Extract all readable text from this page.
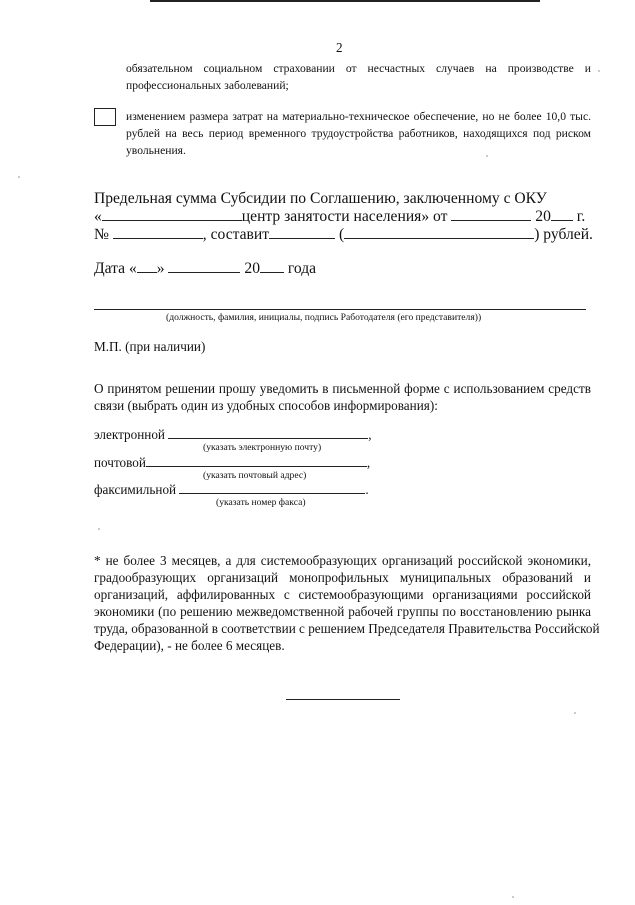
2
обязательном социальном страховании от несчастных случаев на производстве и
профессиональных заболеваний;
изменением размера затрат на материально-техническое обеспечение, но не более 10,0 тыс.
рублей на весь период временного трудоустройства работников, находящихся под риском
увольнения.
Предельная сумма Субсидии по Соглашению, заключенному с ОКУ
«	центр занятости населения» от	20 г.
№	, составит	(	) рублей.
Дата « »	20 года
(должность, фамилия, инициалы, подпись Работодателя (его представителя))
М.П. (при наличии)
О принятом решении прошу уведомить в письменной форме с использованием средств
связи (выбрать один из удобных способов информирования):
электронной	,
(указать электронную почту)
почтовой	,
(указать почтовый адрес)
факсимильной	.
(указать номер факса)
* не более 3 месяцев, а для системообразующих организаций российской экономики,
градообразующих организаций монопрофильных муниципальных образований и
организаций, аффилированных с системообразующими организациями российской
экономики (по решению межведомственной рабочей группы по восстановлению рынка
труда, образованной в соответствии с решением Председателя Правительства Российской
Федерации), - не более 6 месяцев.
